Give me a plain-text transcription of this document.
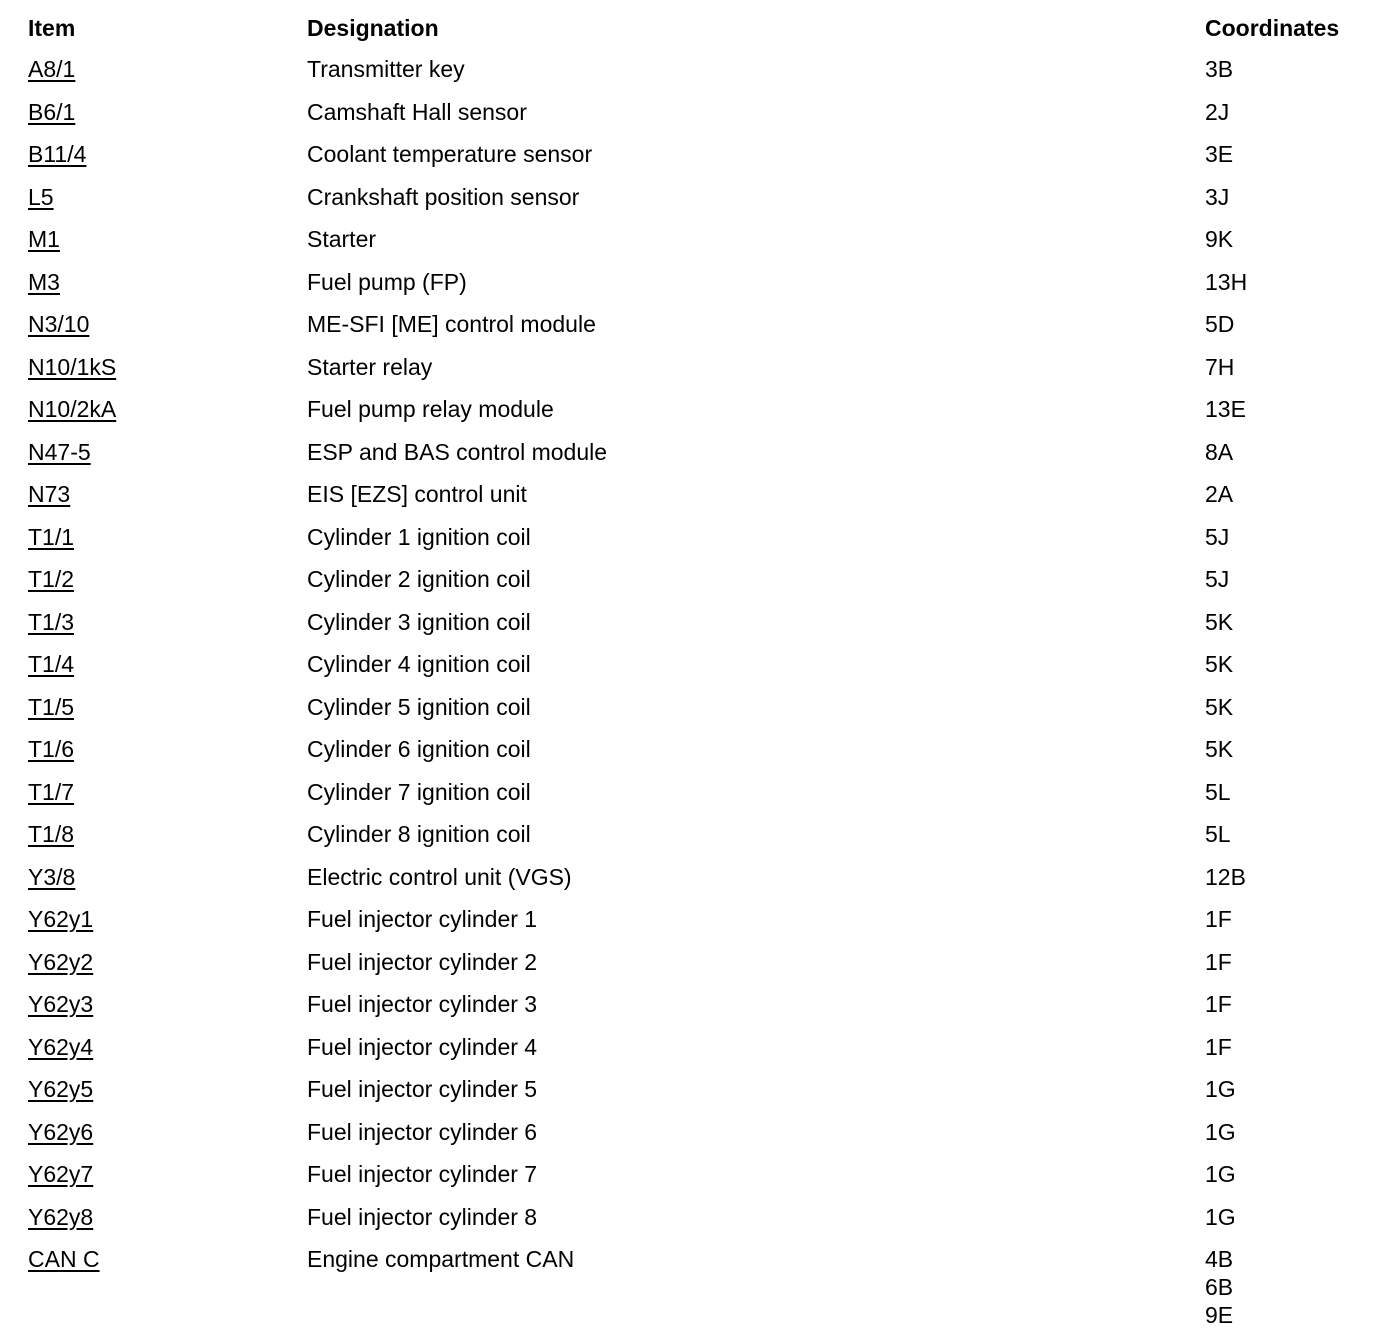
Item	Designation	Coordinates
A8/1	Transmitter key	3B
B6/1	Camshaft Hall sensor	2J
B11/4	Coolant temperature sensor	3E
L5	Crankshaft position sensor	3J
M1	Starter	9K
M3	Fuel pump (FP)	13H
N3/10	ME-SFI [ME] control module	5D
N10/1kS	Starter relay	7H
N10/2kA	Fuel pump relay module	13E
N47-5	ESP and BAS control module	8A
N73	EIS [EZS] control unit	2A
T1/1	Cylinder 1 ignition coil	5J
T1/2	Cylinder 2 ignition coil	5J
T1/3	Cylinder 3 ignition coil	5K
T1/4	Cylinder 4 ignition coil	5K
T1/5	Cylinder 5 ignition coil	5K
T1/6	Cylinder 6 ignition coil	5K
T1/7	Cylinder 7 ignition coil	5L
T1/8	Cylinder 8 ignition coil	5L
Y3/8	Electric control unit (VGS)	12B
Y62y1	Fuel injector cylinder 1	1F
Y62y2	Fuel injector cylinder 2	1F
Y62y3	Fuel injector cylinder 3	1F
Y62y4	Fuel injector cylinder 4	1F
Y62y5	Fuel injector cylinder 5	1G
Y62y6	Fuel injector cylinder 6	1G
Y62y7	Fuel injector cylinder 7	1G
Y62y8	Fuel injector cylinder 8	1G
CAN C	Engine compartment CAN	4B
6B
9E
